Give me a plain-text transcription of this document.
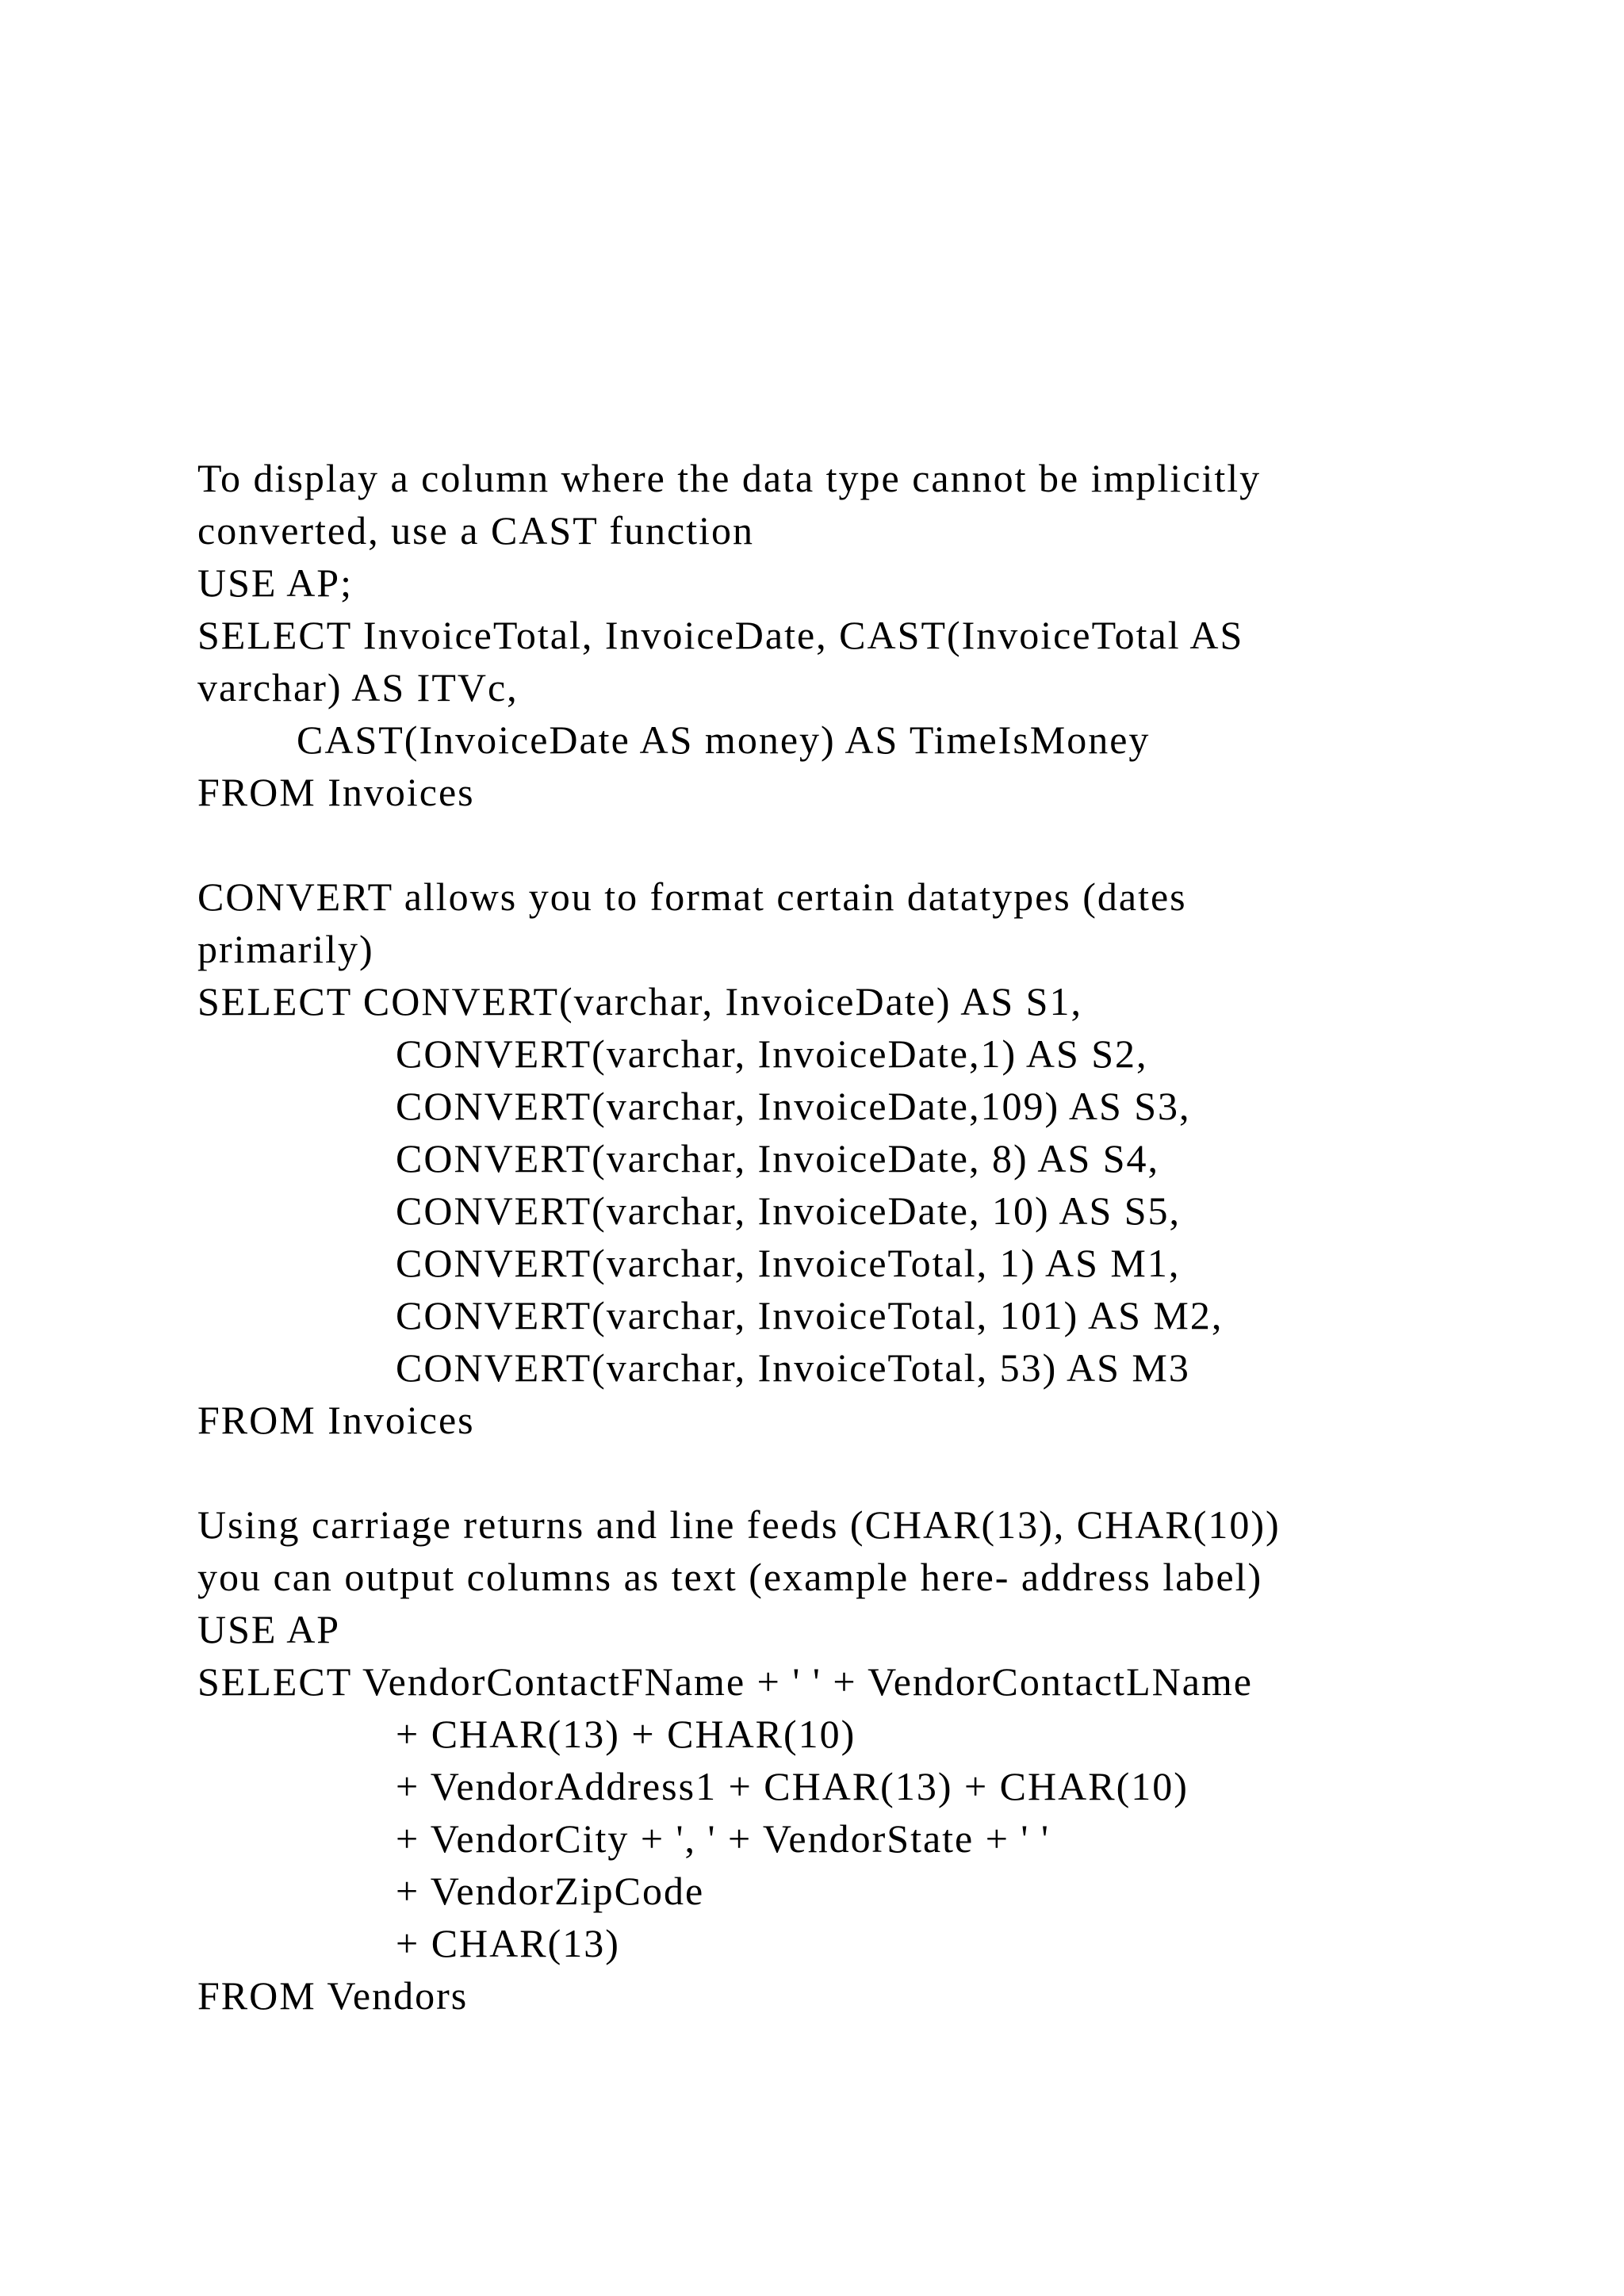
To display a column where the data type cannot be implicitly
converted, use a CAST function
USE AP;
SELECT InvoiceTotal, InvoiceDate, CAST(InvoiceTotal AS
varchar) AS ITVc,
CAST(InvoiceDate AS money) AS TimeIsMoney
FROM Invoices
CONVERT allows you to format certain datatypes (dates
primarily)
SELECT CONVERT(varchar, InvoiceDate) AS S1,
CONVERT(varchar, InvoiceDate,1) AS S2,
CONVERT(varchar, InvoiceDate,109) AS S3,
CONVERT(varchar, InvoiceDate, 8) AS S4,
CONVERT(varchar, InvoiceDate, 10) AS S5,
CONVERT(varchar, InvoiceTotal, 1) AS M1,
CONVERT(varchar, InvoiceTotal, 101) AS M2,
CONVERT(varchar, InvoiceTotal, 53) AS M3
FROM Invoices
Using carriage returns and line feeds (CHAR(13), CHAR(10))
you can output columns as text (example here- address label)
USE AP
SELECT VendorContactFName + ' ' + VendorContactLName
+ CHAR(13) + CHAR(10)
+ VendorAddress1 + CHAR(13) + CHAR(10)
+ VendorCity + ', ' + VendorState + ' '
+ VendorZipCode
+ CHAR(13)
FROM Vendors
